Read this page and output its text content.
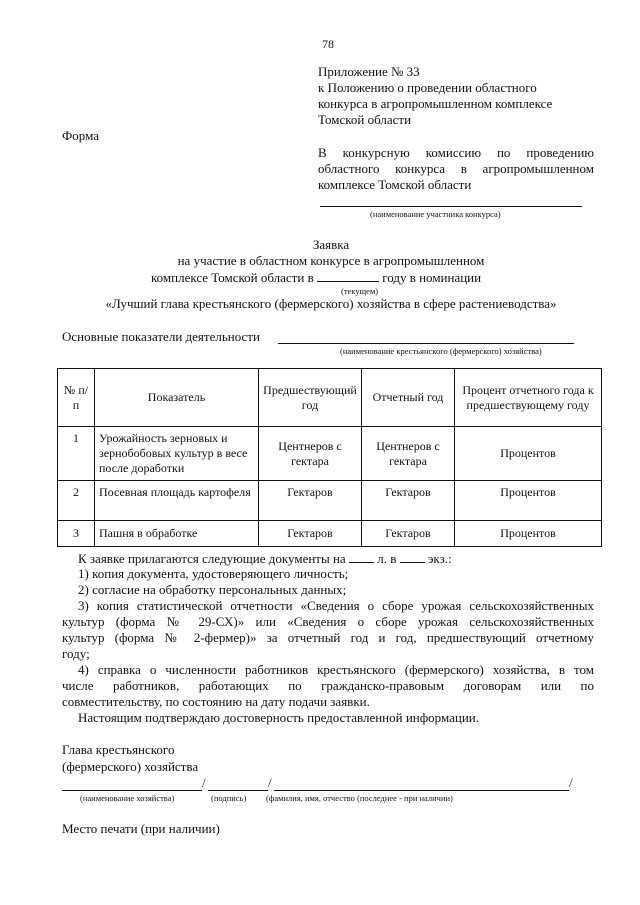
78
Приложение № 33
к Положению о проведении областного
конкурса в агропромышленном комплексе
Томской области
Форма
В конкурсную комиссию по проведению
областного конкурса в агропромышленном
комплексе Томской области
(наименование участника конкурса)
Заявка
на участие в областном конкурсе в агропромышленном
комплексе Томской области в	году в номинации
(текущем)
«Лучший глава крестьянского (фермерского) хозяйства в сфере растениеводства»
Основные показатели деятельности
(наименование крестьянского (фермерского) хозяйства)
№ п/п	Показатель	Предшествующий год	Отчетный год	Процент отчетного года к предшествующему году
1	Урожайность зерновых и зернобобовых культур в весе после доработки	Центнеров с гектара	Центнеров с гектара	Процентов
2	Посевная площадь картофеля	Гектаров	Гектаров	Процентов
3	Пашня в обработке	Гектаров	Гектаров	Процентов
К заявке прилагаются следующие документы на л. в экз.:
1) копия документа, удостоверяющего личность;
2) согласие на обработку персональных данных;
3) копия статистической отчетности «Сведения о сборе урожая сельскохозяйственных
культур (форма № 29-СХ)» или «Сведения о сборе урожая сельскохозяйственных
культур (форма № 2-фермер)» за отчетный год и год, предшествующий отчетному
году;
4) справка о численности работников крестьянского (фермерского) хозяйства, в том
числе работников, работающих по гражданско-правовым договорам или по
совместительству, по состоянию на дату подачи заявки.
Настоящим подтверждаю достоверность предоставленной информации.
Глава крестьянского
(фермерского) хозяйства
/	/	/
(наименование хозяйства)	(подпись) (фамилия, имя, отчество (последнее - при наличии)
Место печати (при наличии)
